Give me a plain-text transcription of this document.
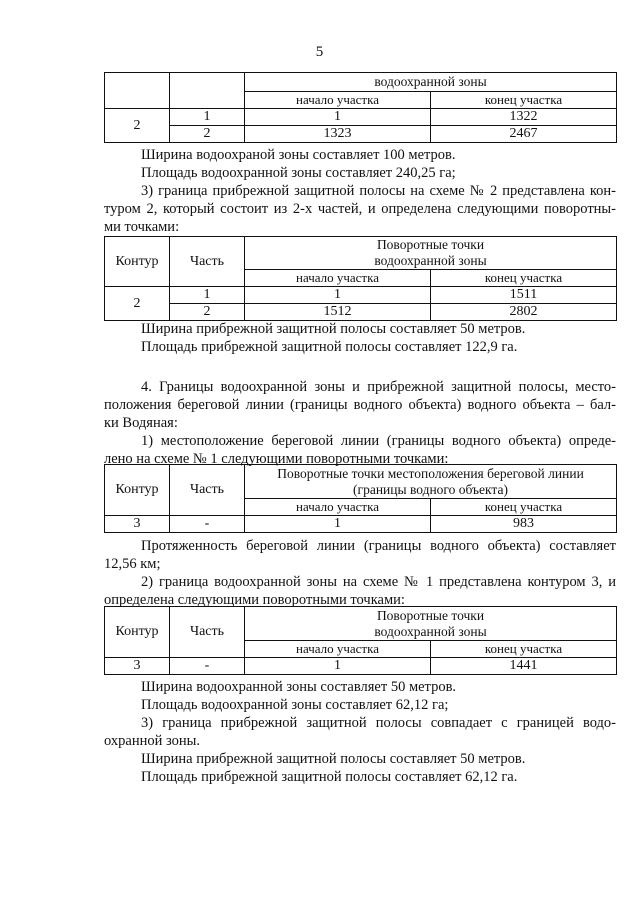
5
		водоохранной зоны	
		начало участка	конец участка
2	1	1	1322
	2	1323	2467

Ширина водоохраной зоны составляет 100 метров.

Площадь водоохранной зоны составляет 240,25 га;

3) граница прибрежной защитной полосы на схеме № 2 представлена кон-

туром 2, который состоит из 2-х частей, и определена следующими поворотны-

ми точками:

Контур	Часть	Поворотные точки
водоохранной зоны	

		начало участка	конец участка
2	1	1	1511
	2	1512	2802

Ширина прибрежной защитной полосы составляет 50 метров.

Площадь прибрежной защитной полосы составляет 122,9 га.

4. Границы водоохранной зоны и прибрежной защитной полосы, место-

положения береговой линии (границы водного объекта) водного объекта – бал-

ки Водяная:

1) местоположение береговой линии (границы водного объекта) опреде-

лено на схеме № 1 следующими поворотными точками:

Контур	Часть	Поворотные точки местоположения береговой линии
(границы водного объекта)	

		начало участка	конец участка
3	-	1	983

Протяженность береговой линии (границы водного объекта) составляет

12,56 км;

2) граница водоохранной зоны на схеме № 1 представлена контуром 3, и

определена следующими поворотными точками:

Контур	Часть	Поворотные точки
водоохранной зоны	

		начало участка	конец участка
3	-	1	1441

Ширина водоохранной зоны составляет 50 метров.

Площадь водоохранной зоны составляет 62,12 га;

3) граница прибрежной защитной полосы совпадает с границей водо-

охранной зоны.

Ширина прибрежной защитной полосы составляет 50 метров.

Площадь прибрежной защитной полосы составляет 62,12 га.
